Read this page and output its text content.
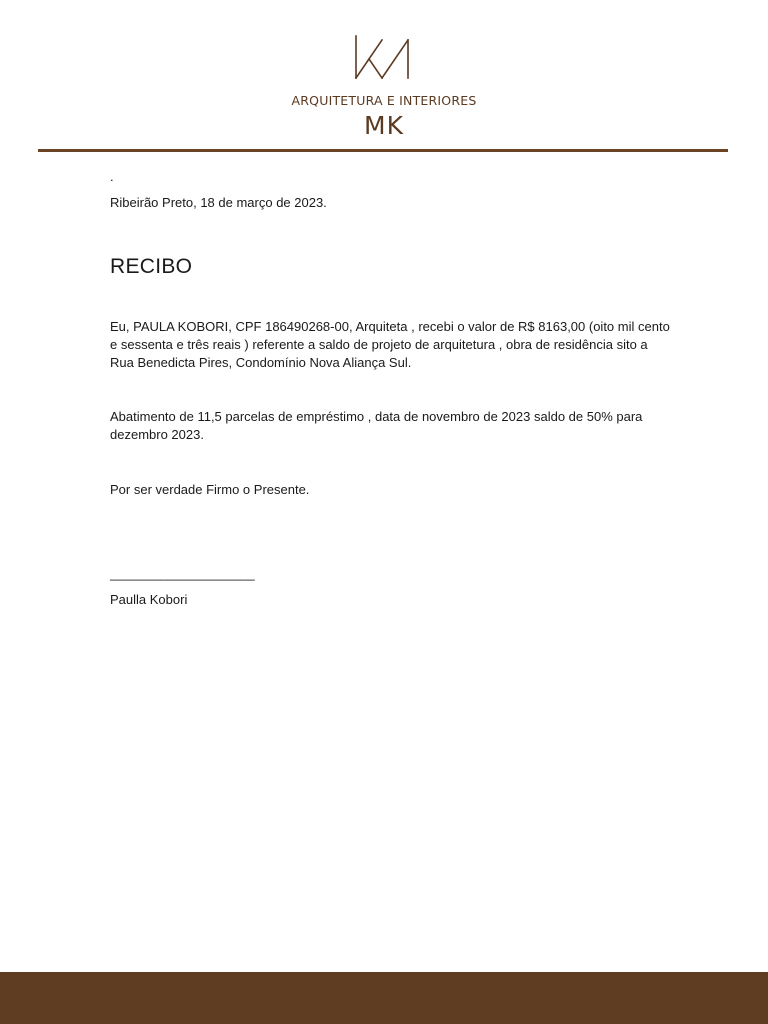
ARQUITETURA E INTERIORES
MK

.

Ribeirão Preto, 18 de março de 2023.

RECIBO

Eu, PAULA KOBORI, CPF 186490268-00, Arquiteta , recebi o valor de R$ 8163,00 (oito mil cento e sessenta e três reais ) referente a saldo de projeto de arquitetura , obra de residência sito a Rua Benedicta Pires, Condomínio Nova Aliança Sul.

Abatimento de 11,5 parcelas de empréstimo , data de novembro de 2023 saldo de 50% para dezembro 2023.

Por ser verdade Firmo o Presente.

____________________

Paulla Kobori
